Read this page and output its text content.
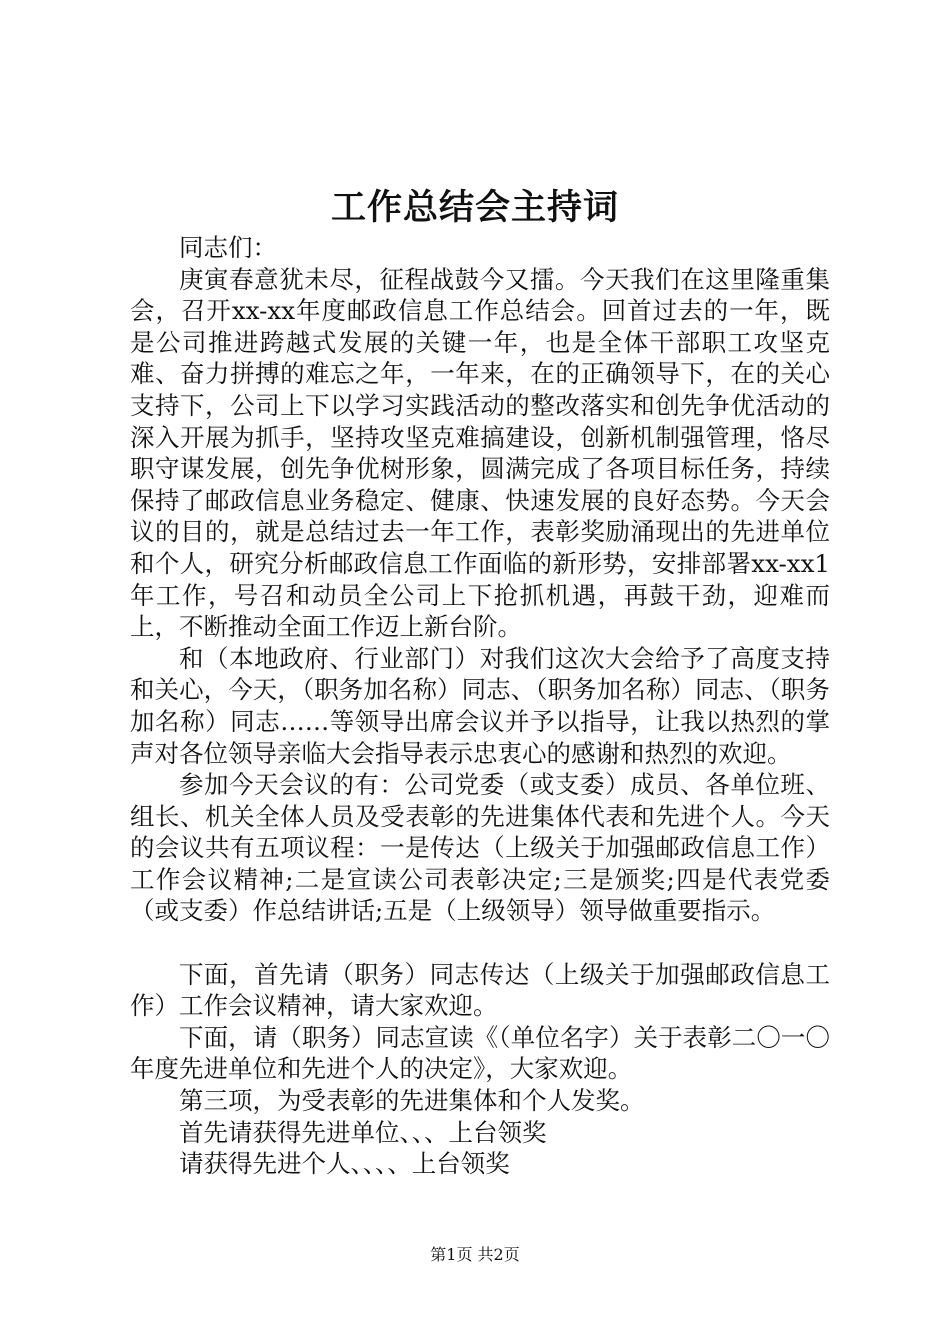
工作总结会主持词

同志们：

庚寅春意犹未尽，征程战鼓今又擂。今天我们在这里隆重集会，召开xx-xx年度邮政信息工作总结会。回首过去的一年，既是公司推进跨越式发展的关键一年，也是全体干部职工攻坚克难、奋力拼搏的难忘之年，一年来，在的正确领导下，在的关心支持下，公司上下以学习实践活动的整改落实和创先争优活动的深入开展为抓手，坚持攻坚克难搞建设，创新机制强管理，恪尽职守谋发展，创先争优树形象，圆满完成了各项目标任务，持续保持了邮政信息业务稳定、健康、快速发展的良好态势。今天会议的目的，就是总结过去一年工作，表彰奖励涌现出的先进单位和个人，研究分析邮政信息工作面临的新形势，安排部署xx-xx1年工作，号召和动员全公司上下抢抓机遇，再鼓干劲，迎难而上，不断推动全面工作迈上新台阶。

和（本地政府、行业部门）对我们这次大会给予了高度支持和关心，今天，（职务加名称）同志、（职务加名称）同志、（职务加名称）同志……等领导出席会议并予以指导，让我以热烈的掌声对各位领导亲临大会指导表示忠衷心的感谢和热烈的欢迎。

参加今天会议的有：公司党委（或支委）成员、各单位班、组长、机关全体人员及受表彰的先进集体代表和先进个人。今天的会议共有五项议程：一是传达（上级关于加强邮政信息工作）工作会议精神;二是宣读公司表彰决定;三是颁奖;四是代表党委（或支委）作总结讲话;五是（上级领导）领导做重要指示。

下面，首先请（职务）同志传达（上级关于加强邮政信息工作）工作会议精神，请大家欢迎。

下面，请（职务）同志宣读《（单位名字）关于表彰二〇一〇年度先进单位和先进个人的决定》，大家欢迎。

第三项，为受表彰的先进集体和个人发奖。

首先请获得先进单位、、、上台领奖

请获得先进个人、、、、上台领奖

第1页 共2页
